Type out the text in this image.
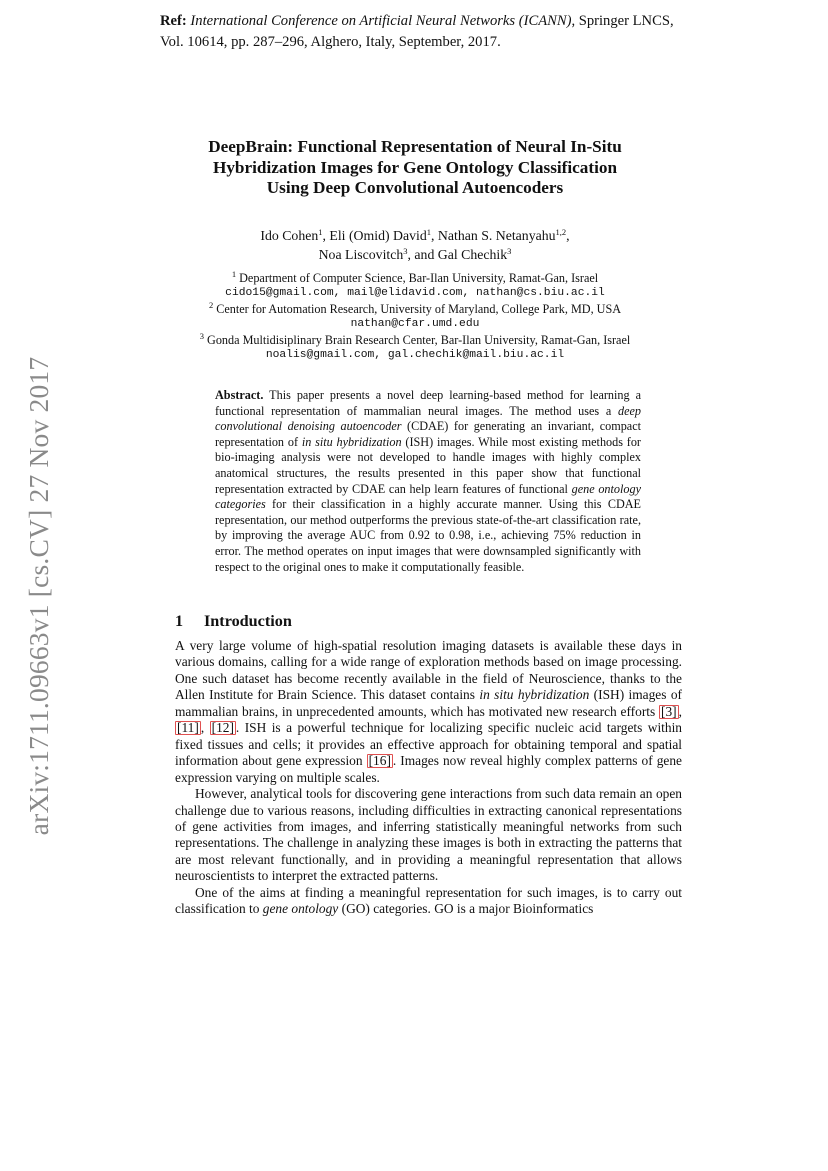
Ref: International Conference on Artificial Neural Networks (ICANN), Springer LNCS,
Vol. 10614, pp. 287–296, Alghero, Italy, September, 2017.
DeepBrain: Functional Representation of Neural In-Situ
Hybridization Images for Gene Ontology Classification
Using Deep Convolutional Autoencoders
Ido Cohen$^1$, Eli (Omid) David$^1$, Nathan S. Netanyahu$^{1,2}$,
Noa Liscovitch$^3$, and Gal Chechik$^3$
$^1$ Department of Computer Science, Bar-Ilan University, Ramat-Gan, Israel
cido15@gmail.com, mail@elidavid.com, nathan@cs.biu.ac.il
$^2$ Center for Automation Research, University of Maryland, College Park, MD, USA
nathan@cfar.umd.edu
$^3$ Gonda Multidisiplinary Brain Research Center, Bar-Ilan University, Ramat-Gan, Israel
noalis@gmail.com, gal.chechik@mail.biu.ac.il
Abstract. This paper presents a novel deep learning-based method for learning a functional representation of mammalian neural images. The method uses a deep convolutional denoising autoencoder (CDAE) for generating an invariant, compact representation of in situ hybridization (ISH) images. While most existing methods for bio-imaging analysis were not developed to handle images with highly complex anatomical structures, the results presented in this paper show that functional representation extracted by CDAE can help learn features of functional gene ontology categories for their classification in a highly accurate manner. Using this CDAE representation, our method outperforms the previous state-of-the-art classification rate, by improving the average AUC from 0.92 to 0.98, i.e., achieving 75% reduction in error. The method operates on input images that were downsampled significantly with respect to the original ones to make it computationally feasible.
1 Introduction

A very large volume of high-spatial resolution imaging datasets is available these days in various domains, calling for a wide range of exploration methods based on image processing. One such dataset has become recently available in the field of Neuroscience, thanks to the Allen Institute for Brain Science. This dataset contains in situ hybridization (ISH) images of mammalian brains, in unprecedented amounts, which has motivated new research efforts [3] , [11] , [12] . ISH is a powerful technique for localizing specific nucleic acid targets within fixed tissues and cells; it provides an effective approach for obtaining temporal and spatial information about gene expression [16] . Images now reveal highly complex patterns of gene expression varying on multiple scales.

However, analytical tools for discovering gene interactions from such data remain an open challenge due to various reasons, including difficulties in extracting canonical representations of gene activities from images, and inferring statistically meaningful networks from such representations. The challenge in analyzing these images is both in extracting the patterns that are most relevant functionally, and in providing a meaningful representation that allows neuroscientists to interpret the extracted patterns.

One of the aims at finding a meaningful representation for such images, is to carry out classification to gene ontology (GO) categories. GO is a major Bioinformatics

arXiv:1711.09663v1 [cs.CV] 27 Nov 2017
